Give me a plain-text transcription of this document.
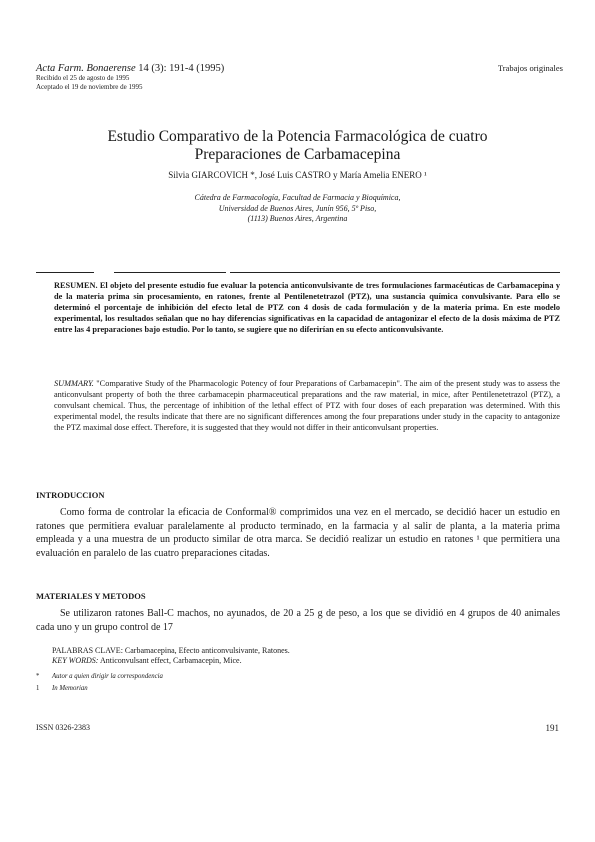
Acta Farm. Bonaerense 14 (3): 191-4 (1995)	Trabajos originales
Recibido el 25 de agosto de 1995
Aceptado el 19 de noviembre de 1995
Estudio Comparativo de la Potencia Farmacológica de cuatro
Preparaciones de Carbamacepina
Silvia GIARCOVICH *, José Luis CASTRO y María Amelia ENERO ¹
Cátedra de Farmacología, Facultad de Farmacia y Bioquímica,
Universidad de Buenos Aires, Junín 956, 5º Piso,
(1113) Buenos Aires, Argentina
RESUMEN. El objeto del presente estudio fue evaluar la potencia anticonvulsivante de tres formulaciones farmacéuticas de Carbamacepina y de la materia prima sin procesamiento, en ratones, frente al Pentilenetetrazol (PTZ), una sustancia química convulsivante. Para ello se determinó el porcentaje de inhibición del efecto letal de PTZ con 4 dosis de cada formulación y de la materia prima. En este modelo experimental, los resultados señalan que no hay diferencias significativas en la capacidad de antagonizar el efecto de la dosis máxima de PTZ entre las 4 preparaciones bajo estudio. Por lo tanto, se sugiere que no diferirían en su efecto anticonvulsivante.
SUMMARY. "Comparative Study of the Pharmacologic Potency of four Preparations of Carbamacepin". The aim of the present study was to assess the anticonvulsant property of both the three carbamacepin pharmaceutical preparations and the raw material, in mice, after Pentilenetetrazol (PTZ), a convulsant chemical. Thus, the percentage of inhibition of the lethal effect of PTZ with four doses of each preparation was determined. With this experimental model, the results indicate that there are no significant differences among the four preparations under study in the capacity to antagonize the PTZ maximal dose effect. Therefore, it is suggested that they would not differ in their anticonvulsant properties.
INTRODUCCION
Como forma de controlar la eficacia de Conformal® comprimidos una vez en el mercado, se decidió hacer un estudio en ratones que permitiera evaluar paralelamente al producto terminado, en la farmacia y al salir de planta, a la materia prima empleada y a una muestra de un producto similar de otra marca. Se decidió realizar un estudio en ratones ¹ que permitiera una evaluación en paralelo de las cuatro preparaciones citadas.
MATERIALES Y METODOS
Se utilizaron ratones Ball-C machos, no ayunados, de 20 a 25 g de peso, a los que se dividió en 4 grupos de 40 animales cada uno y un grupo control de 17
PALABRAS CLAVE: Carbamacepina, Efecto anticonvulsivante, Ratones.
KEY WORDS: Anticonvulsant effect, Carbamacepin, Mice.
* Autor a quien dirigir la correspondencia
1 In Memorian
ISSN 0326-2383	191
